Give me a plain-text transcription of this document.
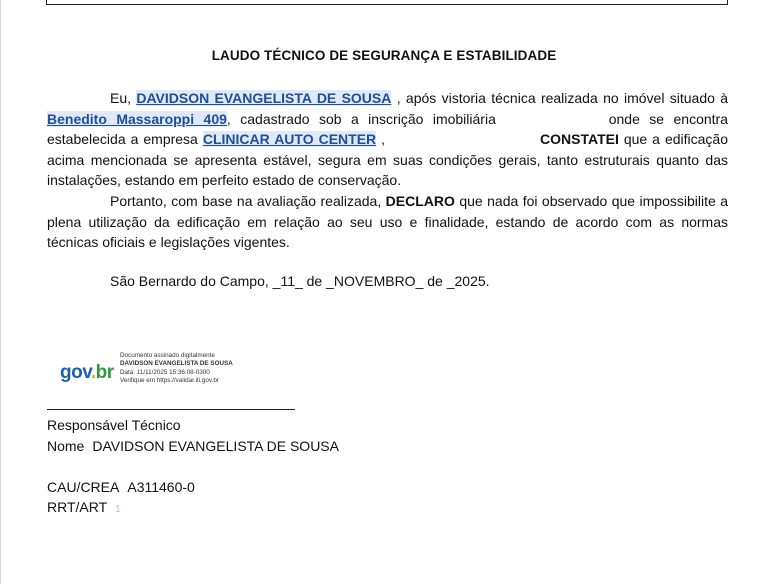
LAUDO TÉCNICO DE SEGURANÇA E ESTABILIDADE
Eu, DAVIDSON EVANGELISTA DE SOUSA , após vistoria técnica realizada no imóvel situado à Benedito Massaroppi 409, cadastrado sob a inscrição imobiliária	onde se encontra estabelecida a empresa CLINICAR AUTO CENTER ,	CONSTATEI que a edificação acima mencionada se apresenta estável, segura em suas condições gerais, tanto estruturais quanto das instalações, estando em perfeito estado de conservação.
Portanto, com base na avaliação realizada, DECLARO que nada foi observado que impossibilite a plena utilização da edificação em relação ao seu uso e finalidade, estando de acordo com as normas técnicas oficiais e legislações vigentes.
São Bernardo do Campo, _11_ de _NOVEMBRO_ de _2025.
gov.br
Documento assinado digitalmente
DAVIDSON EVANGELISTA DE SOUSA
Data: 11/11/2025 15:36:08-0300
Verifique em https://validar.iti.gov.br
Responsável Técnico
Nome DAVIDSON EVANGELISTA DE SOUSA
CAU/CREA A311460-0
RRT/ART 1
